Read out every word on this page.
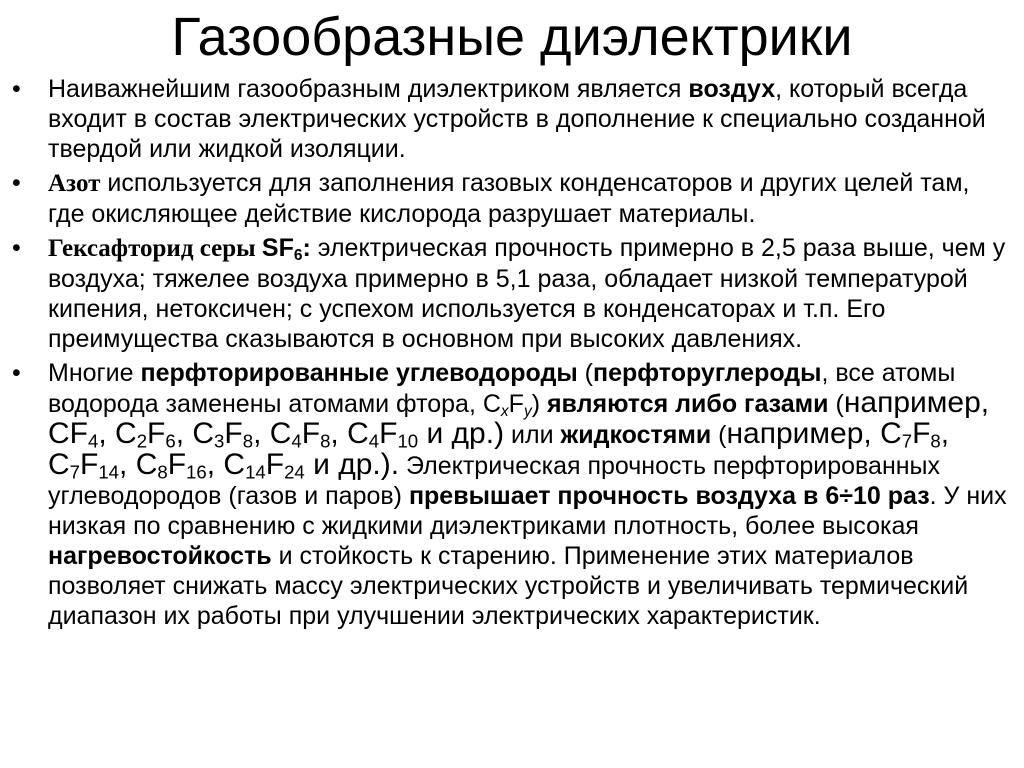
Газообразные диэлектрики
• Наиважнейшим газообразным диэлектриком является воздух, который всегда входит в состав электрических устройств в дополнение к специально созданной твердой или жидкой изоляции.
• Азот используется для заполнения газовых конденсаторов и других целей там, где окисляющее действие кислорода разрушает материалы.
• Гексафторид серы $SF_6$: электрическая прочность примерно в 2,5 раза выше, чем у воздуха; тяжелее воздуха примерно в 5,1 раза, обладает низкой температурой кипения, нетоксичен; с успехом используется в конденсаторах и т.п. Его преимущества сказываются в основном при высоких давлениях.
• Многие перфторированные углеводороды (перфторуглероды, все атомы водорода заменены атомами фтора, $C_xF_y$) являются либо газами (например, $CF_4$, $C_2F_6$, $C_3F_8$, $C_4F_8$, $C_4F_{10}$ и др.) или жидкостями (например, $C_7F_8$, $C_7F_{14}$, $C_8F_{16}$, $C_{14}F_{24}$ и др.). Электрическая прочность перфторированных углеводородов (газов и паров) превышает прочность воздуха в 6÷10 раз. У них низкая по сравнению с жидкими диэлектриками плотность, более высокая нагревостойкость и стойкость к старению. Применение этих материалов позволяет снижать массу электрических устройств и увеличивать термический диапазон их работы при улучшении электрических характеристик.
